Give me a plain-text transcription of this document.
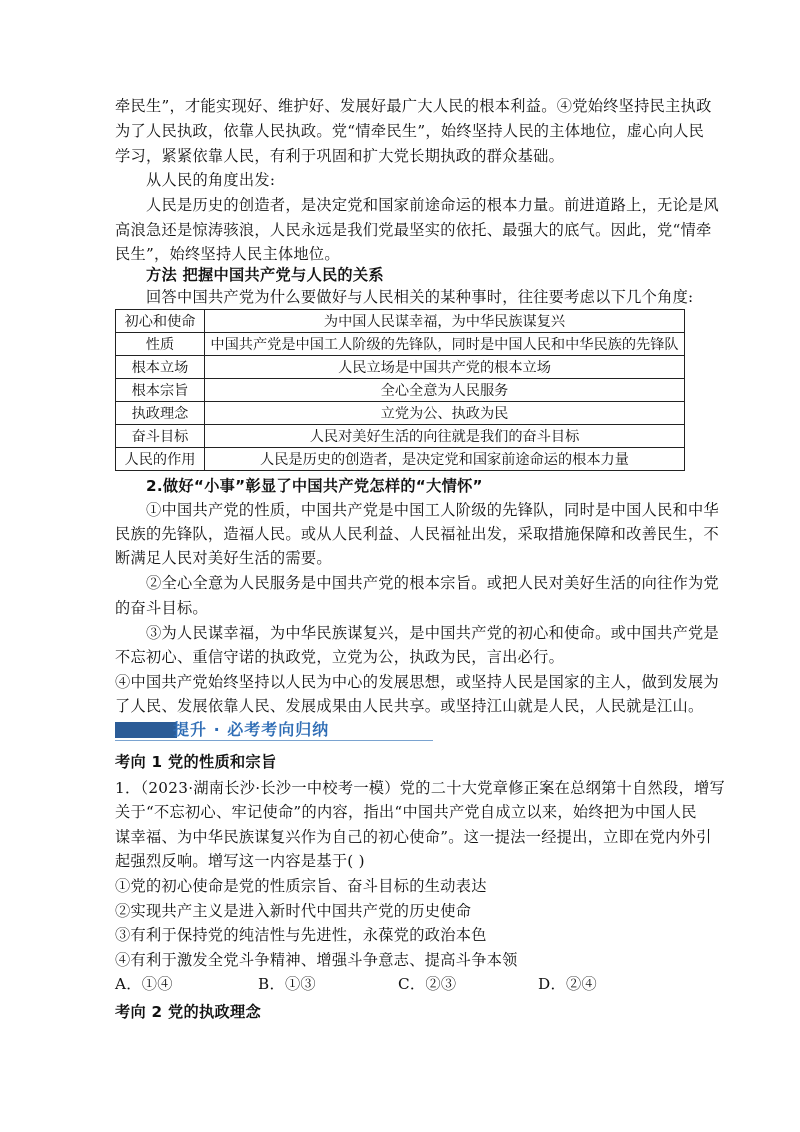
牵民生”，才能实现好、维护好、发展好最广大人民的根本利益。④党始终坚持民主执政
为了人民执政，依靠人民执政。党“情牵民生”，始终坚持人民的主体地位，虚心向人民
学习，紧紧依靠人民，有利于巩固和扩大党长期执政的群众基础。
从人民的角度出发:
人民是历史的创造者，是决定党和国家前途命运的根本力量。前进道路上，无论是风
高浪急还是惊涛骇浪，人民永远是我们党最坚实的依托、最强大的底气。因此，党“情牵
民生”，始终坚持人民主体地位。
方法 把握中国共产党与人民的关系
回答中国共产党为什么要做好与人民相关的某种事时，往往要考虑以下几个角度:
初心和使命	为中国人民谋幸福，为中华民族谋复兴
性质	中国共产党是中国工人阶级的先锋队，同时是中国人民和中华民族的先锋队
根本立场	人民立场是中国共产党的根本立场
根本宗旨	全心全意为人民服务
执政理念	立党为公、执政为民
奋斗目标	人民对美好生活的向往就是我们的奋斗目标
人民的作用	人民是历史的创造者，是决定党和国家前途命运的根本力量
2.做好“小事”彰显了中国共产党怎样的“大情怀”
①中国共产党的性质，中国共产党是中国工人阶级的先锋队，同时是中国人民和中华
民族的先锋队，造福人民。或从人民利益、人民福祉出发，采取措施保障和改善民生，不
断满足人民对美好生活的需要。
②全心全意为人民服务是中国共产党的根本宗旨。或把人民对美好生活的向往作为党
的奋斗目标。
③为人民谋幸福，为中华民族谋复兴，是中国共产党的初心和使命。或中国共产党是
不忘初心、重信守诺的执政党，立党为公，执政为民，言出必行。
④中国共产党始终坚持以人民为中心的发展思想，或坚持人民是国家的主人，做到发展为
了人民、发展依靠人民、发展成果由人民共享。或坚持江山就是人民，人民就是江山。
提升 · 必考考向归纳
考向 1 党的性质和宗旨
1．（2023·湖南长沙·长沙一中校考一模）党的二十大党章修正案在总纲第十自然段，增写
关于“不忘初心、牢记使命”的内容，指出“中国共产党自成立以来，始终把为中国人民
谋幸福、为中华民族谋复兴作为自己的初心使命”。这一提法一经提出，立即在党内外引
起强烈反响。增写这一内容是基于( )
①党的初心使命是党的性质宗旨、奋斗目标的生动表达
②实现共产主义是进入新时代中国共产党的历史使命
③有利于保持党的纯洁性与先进性，永葆党的政治本色
④有利于激发全党斗争精神、增强斗争意志、提高斗争本领
A．①④	B．①③	C．②③	D．②④
考向 2 党的执政理念
